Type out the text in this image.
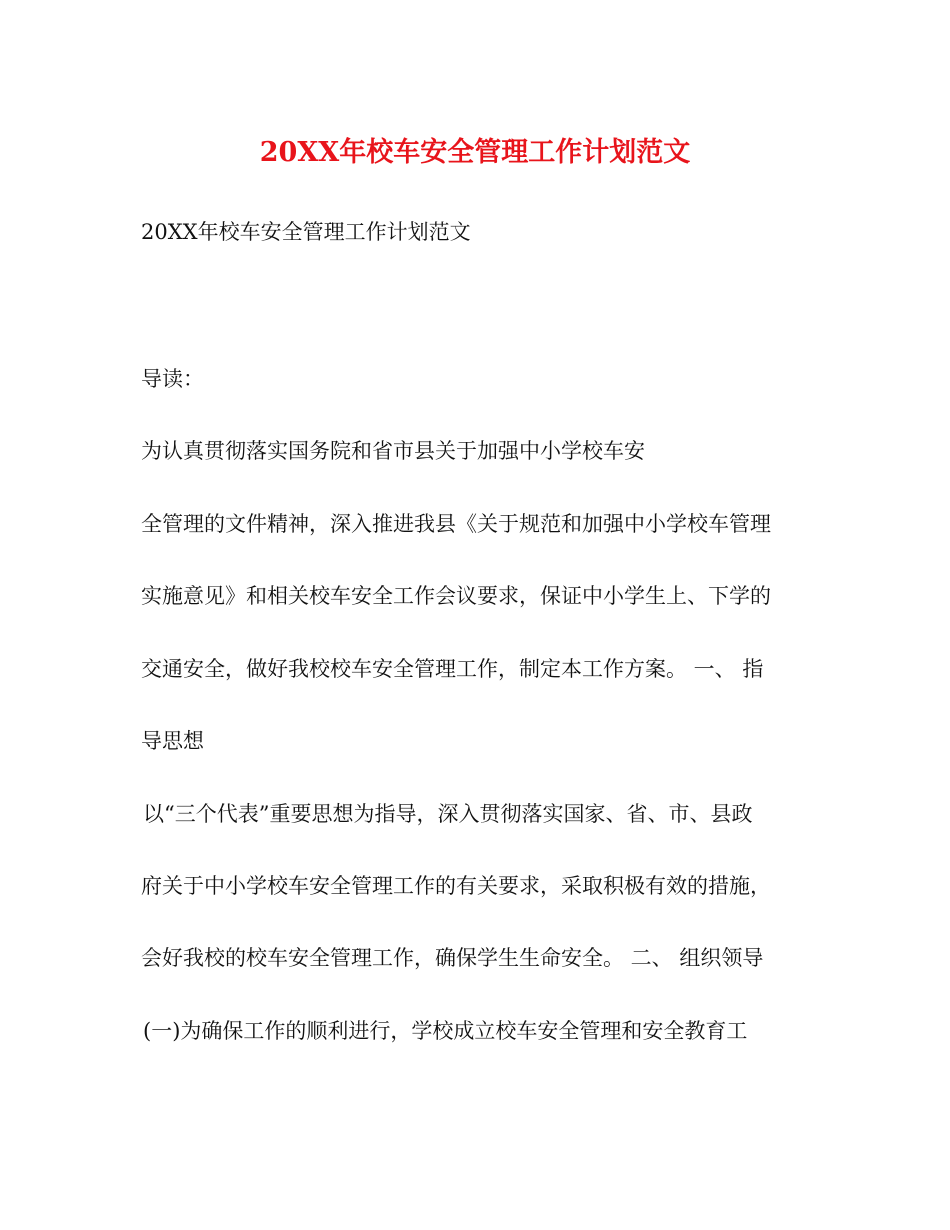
20XX年校车安全管理工作计划范文
20XX年校车安全管理工作计划范文
导读：
为认真贯彻落实国务院和省市县关于加强中小学校车安
全管理的文件精神，深入推进我县《关于规范和加强中小学校车管理
实施意见》和相关校车安全工作会议要求，保证中小学生上、下学的
交通安全，做好我校校车安全管理工作，制定本工作方案。 一、 指
导思想
以“三个代表”重要思想为指导，深入贯彻落实国家、省、市、县政
府关于中小学校车安全管理工作的有关要求，采取积极有效的措施，
会好我校的校车安全管理工作，确保学生生命安全。 二、 组织领导
(一)为确保工作的顺利进行，学校成立校车安全管理和安全教育工
